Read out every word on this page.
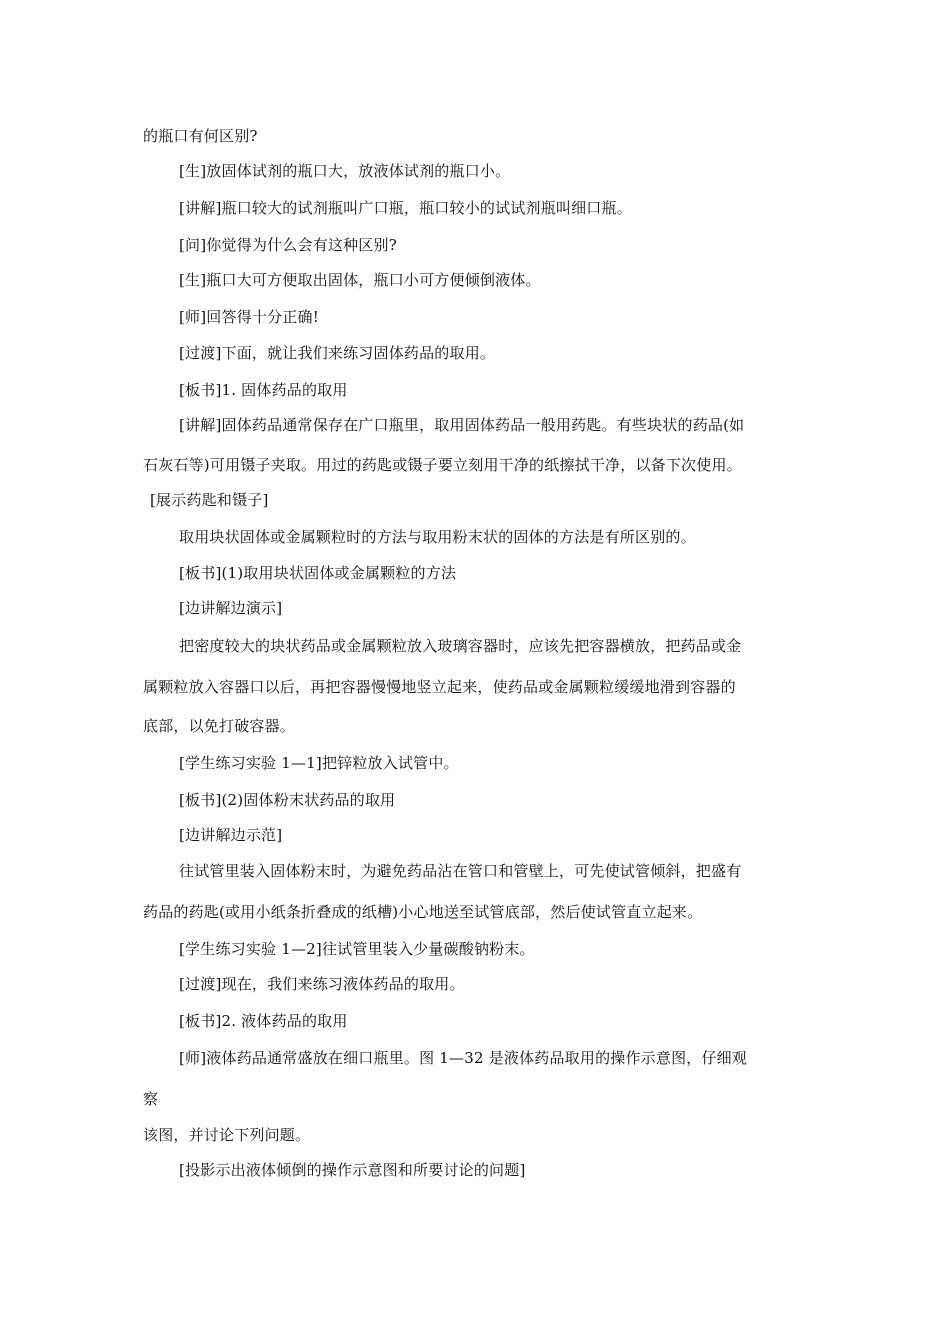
的瓶口有何区别?
[生]放固体试剂的瓶口大，放液体试剂的瓶口小。
[讲解]瓶口较大的试剂瓶叫广口瓶，瓶口较小的试试剂瓶叫细口瓶。
[问]你觉得为什么会有这种区别?
[生]瓶口大可方便取出固体，瓶口小可方便倾倒液体。
[师]回答得十分正确!
[过渡]下面，就让我们来练习固体药品的取用。
[板书]1. 固体药品的取用
[讲解]固体药品通常保存在广口瓶里，取用固体药品一般用药匙。有些块状的药品(如
石灰石等)可用镊子夹取。用过的药匙或镊子要立刻用干净的纸擦拭干净，以备下次使用。
[展示药匙和镊子]
取用块状固体或金属颗粒时的方法与取用粉末状的固体的方法是有所区别的。
[板书](1)取用块状固体或金属颗粒的方法
[边讲解边演示]
把密度较大的块状药品或金属颗粒放入玻璃容器时，应该先把容器横放，把药品或金
属颗粒放入容器口以后，再把容器慢慢地竖立起来，使药品或金属颗粒缓缓地滑到容器的
底部，以免打破容器。
[学生练习实验 1—1]把锌粒放入试管中。
[板书](2)固体粉末状药品的取用
[边讲解边示范]
往试管里装入固体粉末时，为避免药品沾在管口和管壁上，可先使试管倾斜，把盛有
药品的药匙(或用小纸条折叠成的纸槽)小心地送至试管底部，然后使试管直立起来。
[学生练习实验 1—2]往试管里装入少量碳酸钠粉末。
[过渡]现在，我们来练习液体药品的取用。
[板书]2. 液体药品的取用
[师]液体药品通常盛放在细口瓶里。图 1—32 是液体药品取用的操作示意图，仔细观
察
该图，并讨论下列问题。
[投影示出液体倾倒的操作示意图和所要讨论的问题]
